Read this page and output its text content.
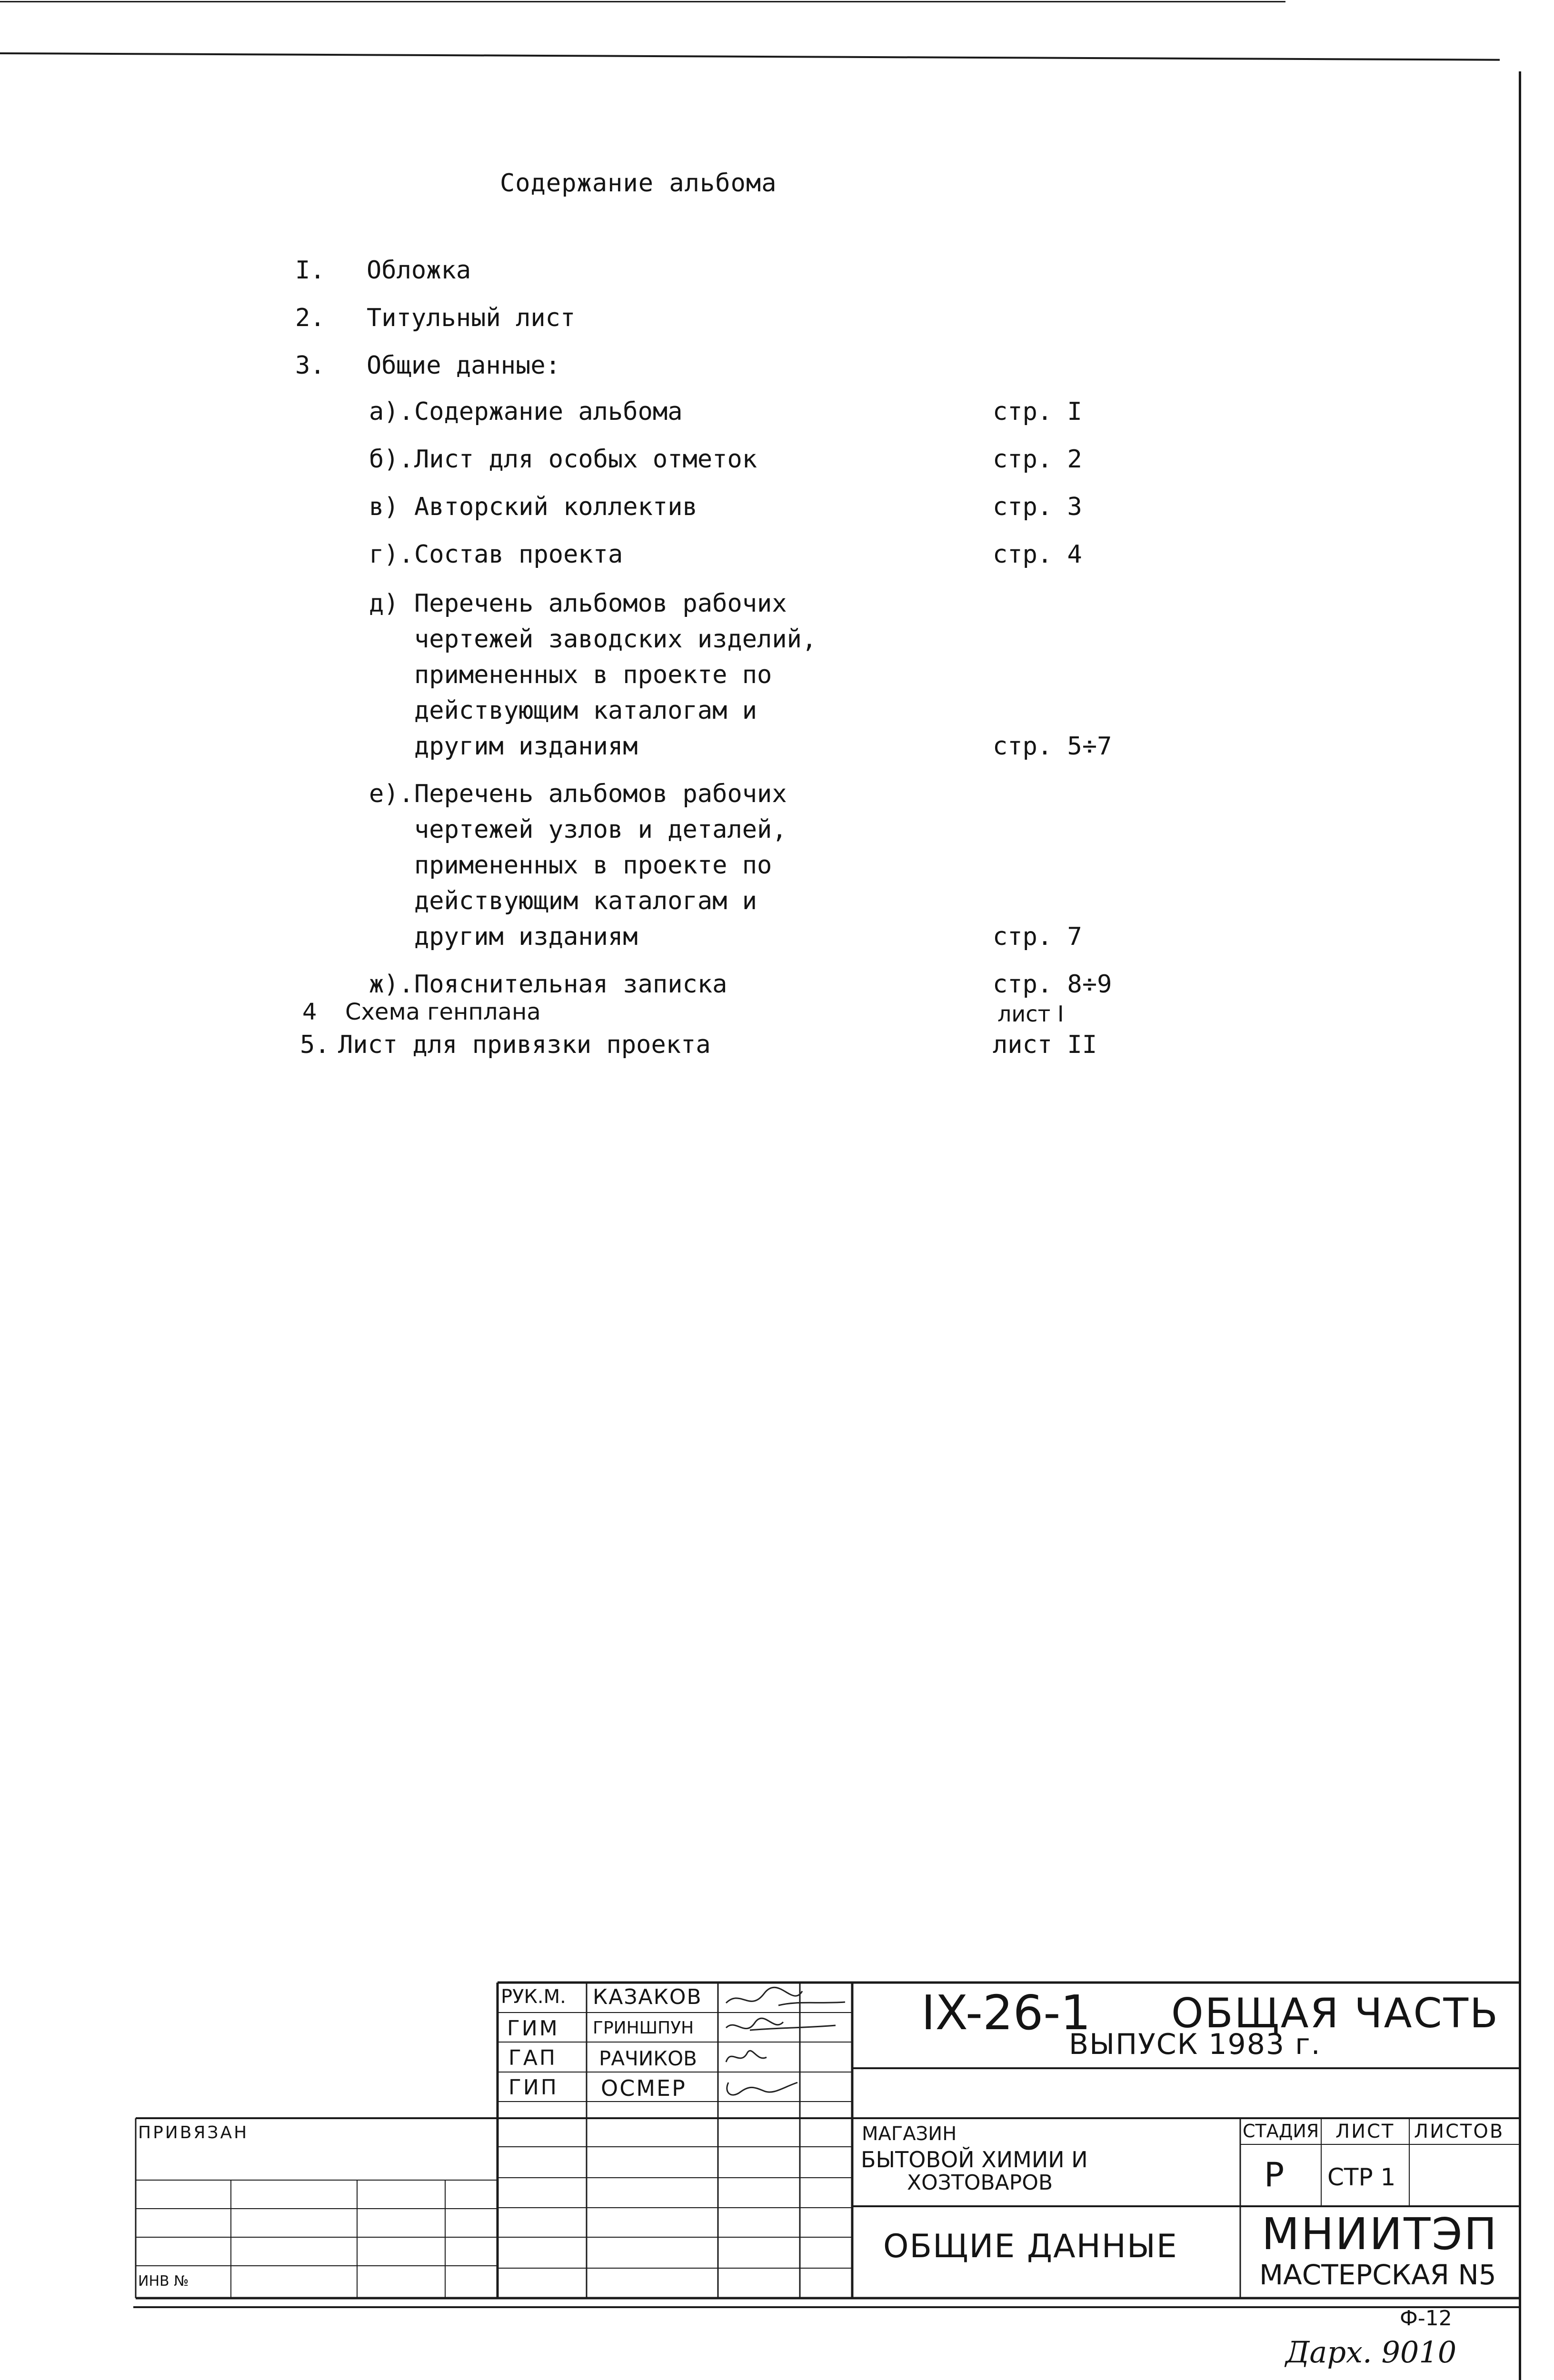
Содержание альбома
I. Обложка
2. Титульный лист
3. Общие данные:
а). Содержание альбома	стр. I
б). Лист для особых отметок	стр. 2
в) Авторский коллектив	стр. 3
г). Состав проекта	стр. 4
д) Перечень альбомов рабочих
чертежей заводских изделий,
примененных в проекте по
действующим каталогам и
другим изданиям	стр. 5÷7
е). Перечень альбомов рабочих
чертежей узлов и деталей,
примененных в проекте по
действующим каталогам и
другим изданиям	стр. 7
ж). Пояснительная записка	стр. 8÷9
4 Схема генплана	лист I
5. Лист для привязки проекта	лист II
РУК.М. КАЗАКОВ
ГИМ ГРИНШПУН
ГАП РАЧИКОВ
ГИП ОСМЕР
IX-26-1 ОБЩАЯ ЧАСТЬ
ВЫПУСК 1983 г.
МАГАЗИН
БЫТОВОЙ ХИМИИ И
ХОЗТОВАРОВ
ОБЩИЕ ДАННЫЕ
СТАДИЯ ЛИСТ ЛИСТОВ
Р СТР 1
МНИИТЭП
МАСТЕРСКАЯ N5
ПРИВЯЗАН
ИНВ №
Ф-12
Дарх. 9010
